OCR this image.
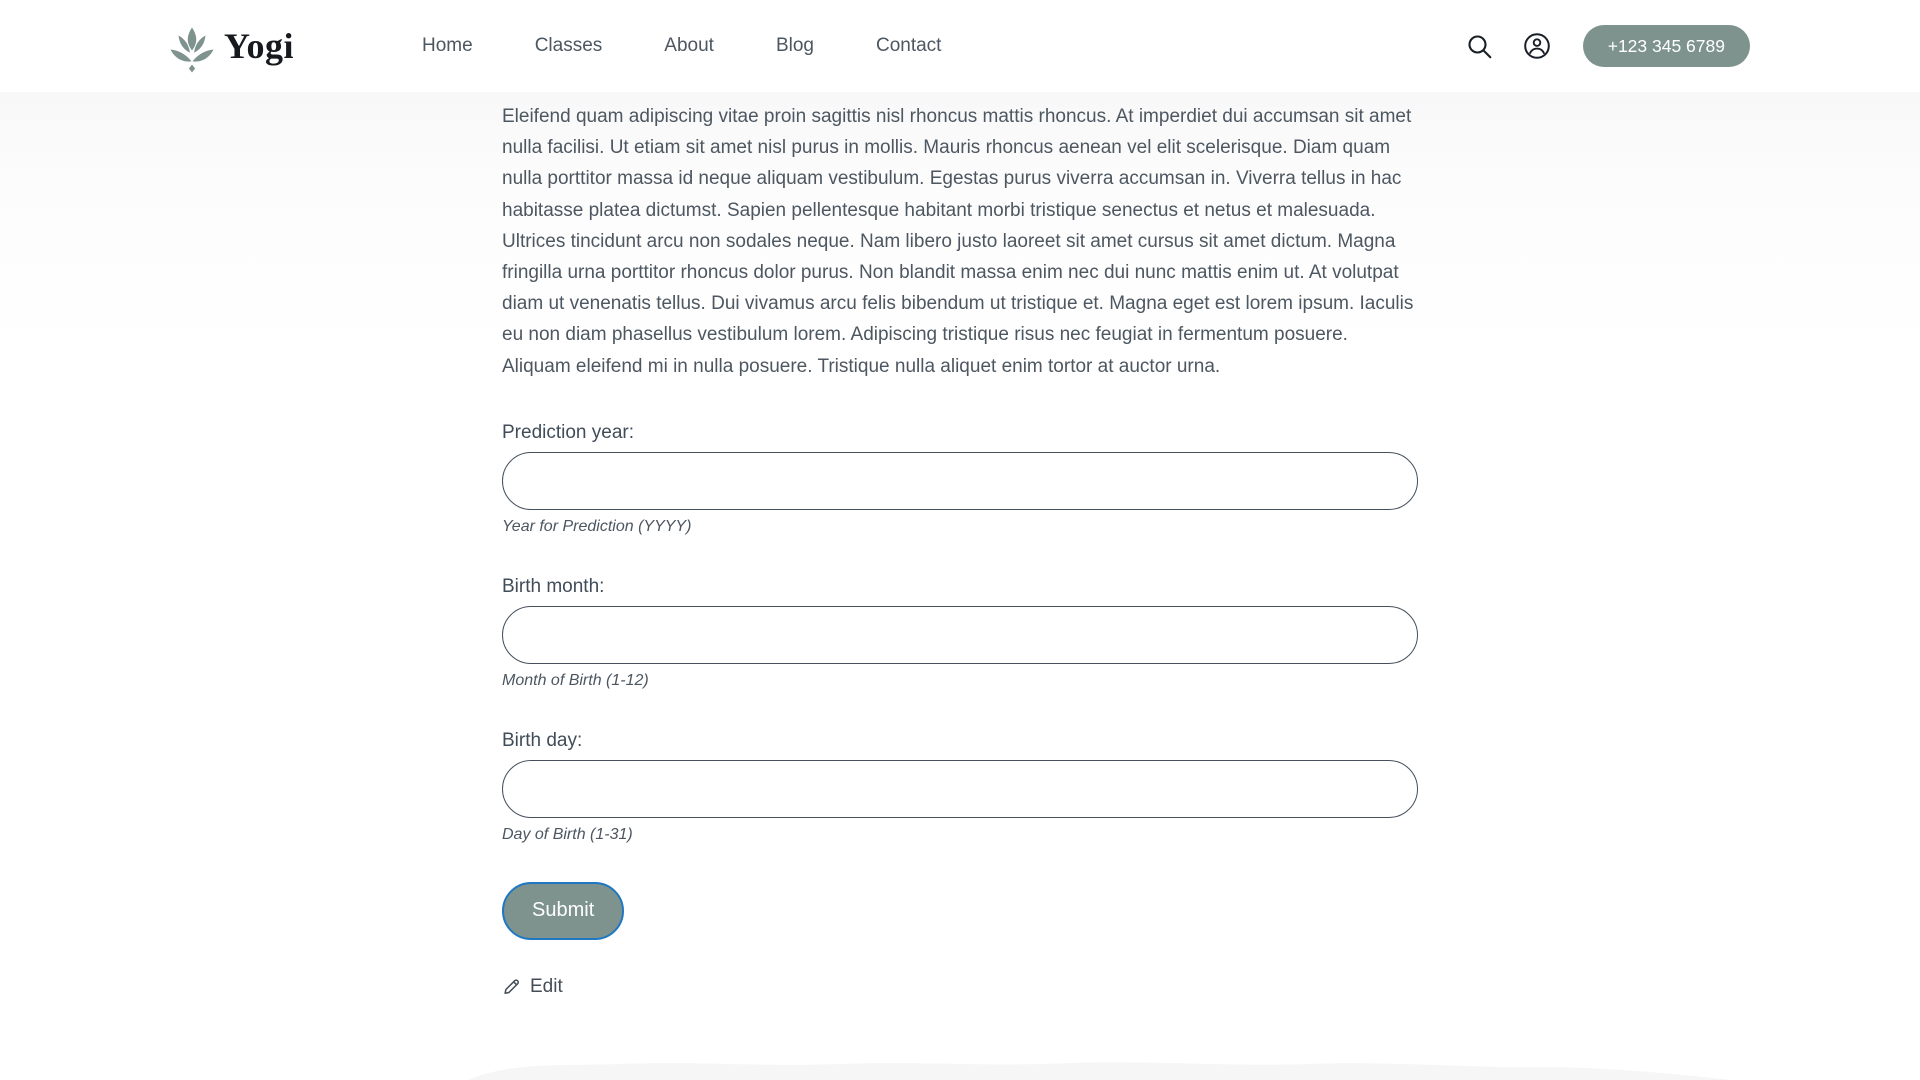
Yogi	Home	Classes	About	Blog	Contact	+123 345 6789

Eleifend quam adipiscing vitae proin sagittis nisl rhoncus mattis rhoncus. At imperdiet dui accumsan sit amet nulla facilisi. Ut etiam sit amet nisl purus in mollis. Mauris rhoncus aenean vel elit scelerisque. Diam quam nulla porttitor massa id neque aliquam vestibulum. Egestas purus viverra accumsan in. Viverra tellus in hac habitasse platea dictumst. Sapien pellentesque habitant morbi tristique senectus et netus et malesuada. Ultrices tincidunt arcu non sodales neque. Nam libero justo laoreet sit amet cursus sit amet dictum. Magna fringilla urna porttitor rhoncus dolor purus. Non blandit massa enim nec dui nunc mattis enim ut. At volutpat diam ut venenatis tellus. Dui vivamus arcu felis bibendum ut tristique et. Magna eget est lorem ipsum. Iaculis eu non diam phasellus vestibulum lorem. Adipiscing tristique risus nec feugiat in fermentum posuere. Aliquam eleifend mi in nulla posuere. Tristique nulla aliquet enim tortor at auctor urna.

Prediction year:
Year for Prediction (YYYY)
Birth month:
Month of Birth (1-12)
Birth day:
Day of Birth (1-31)
Submit
Edit
